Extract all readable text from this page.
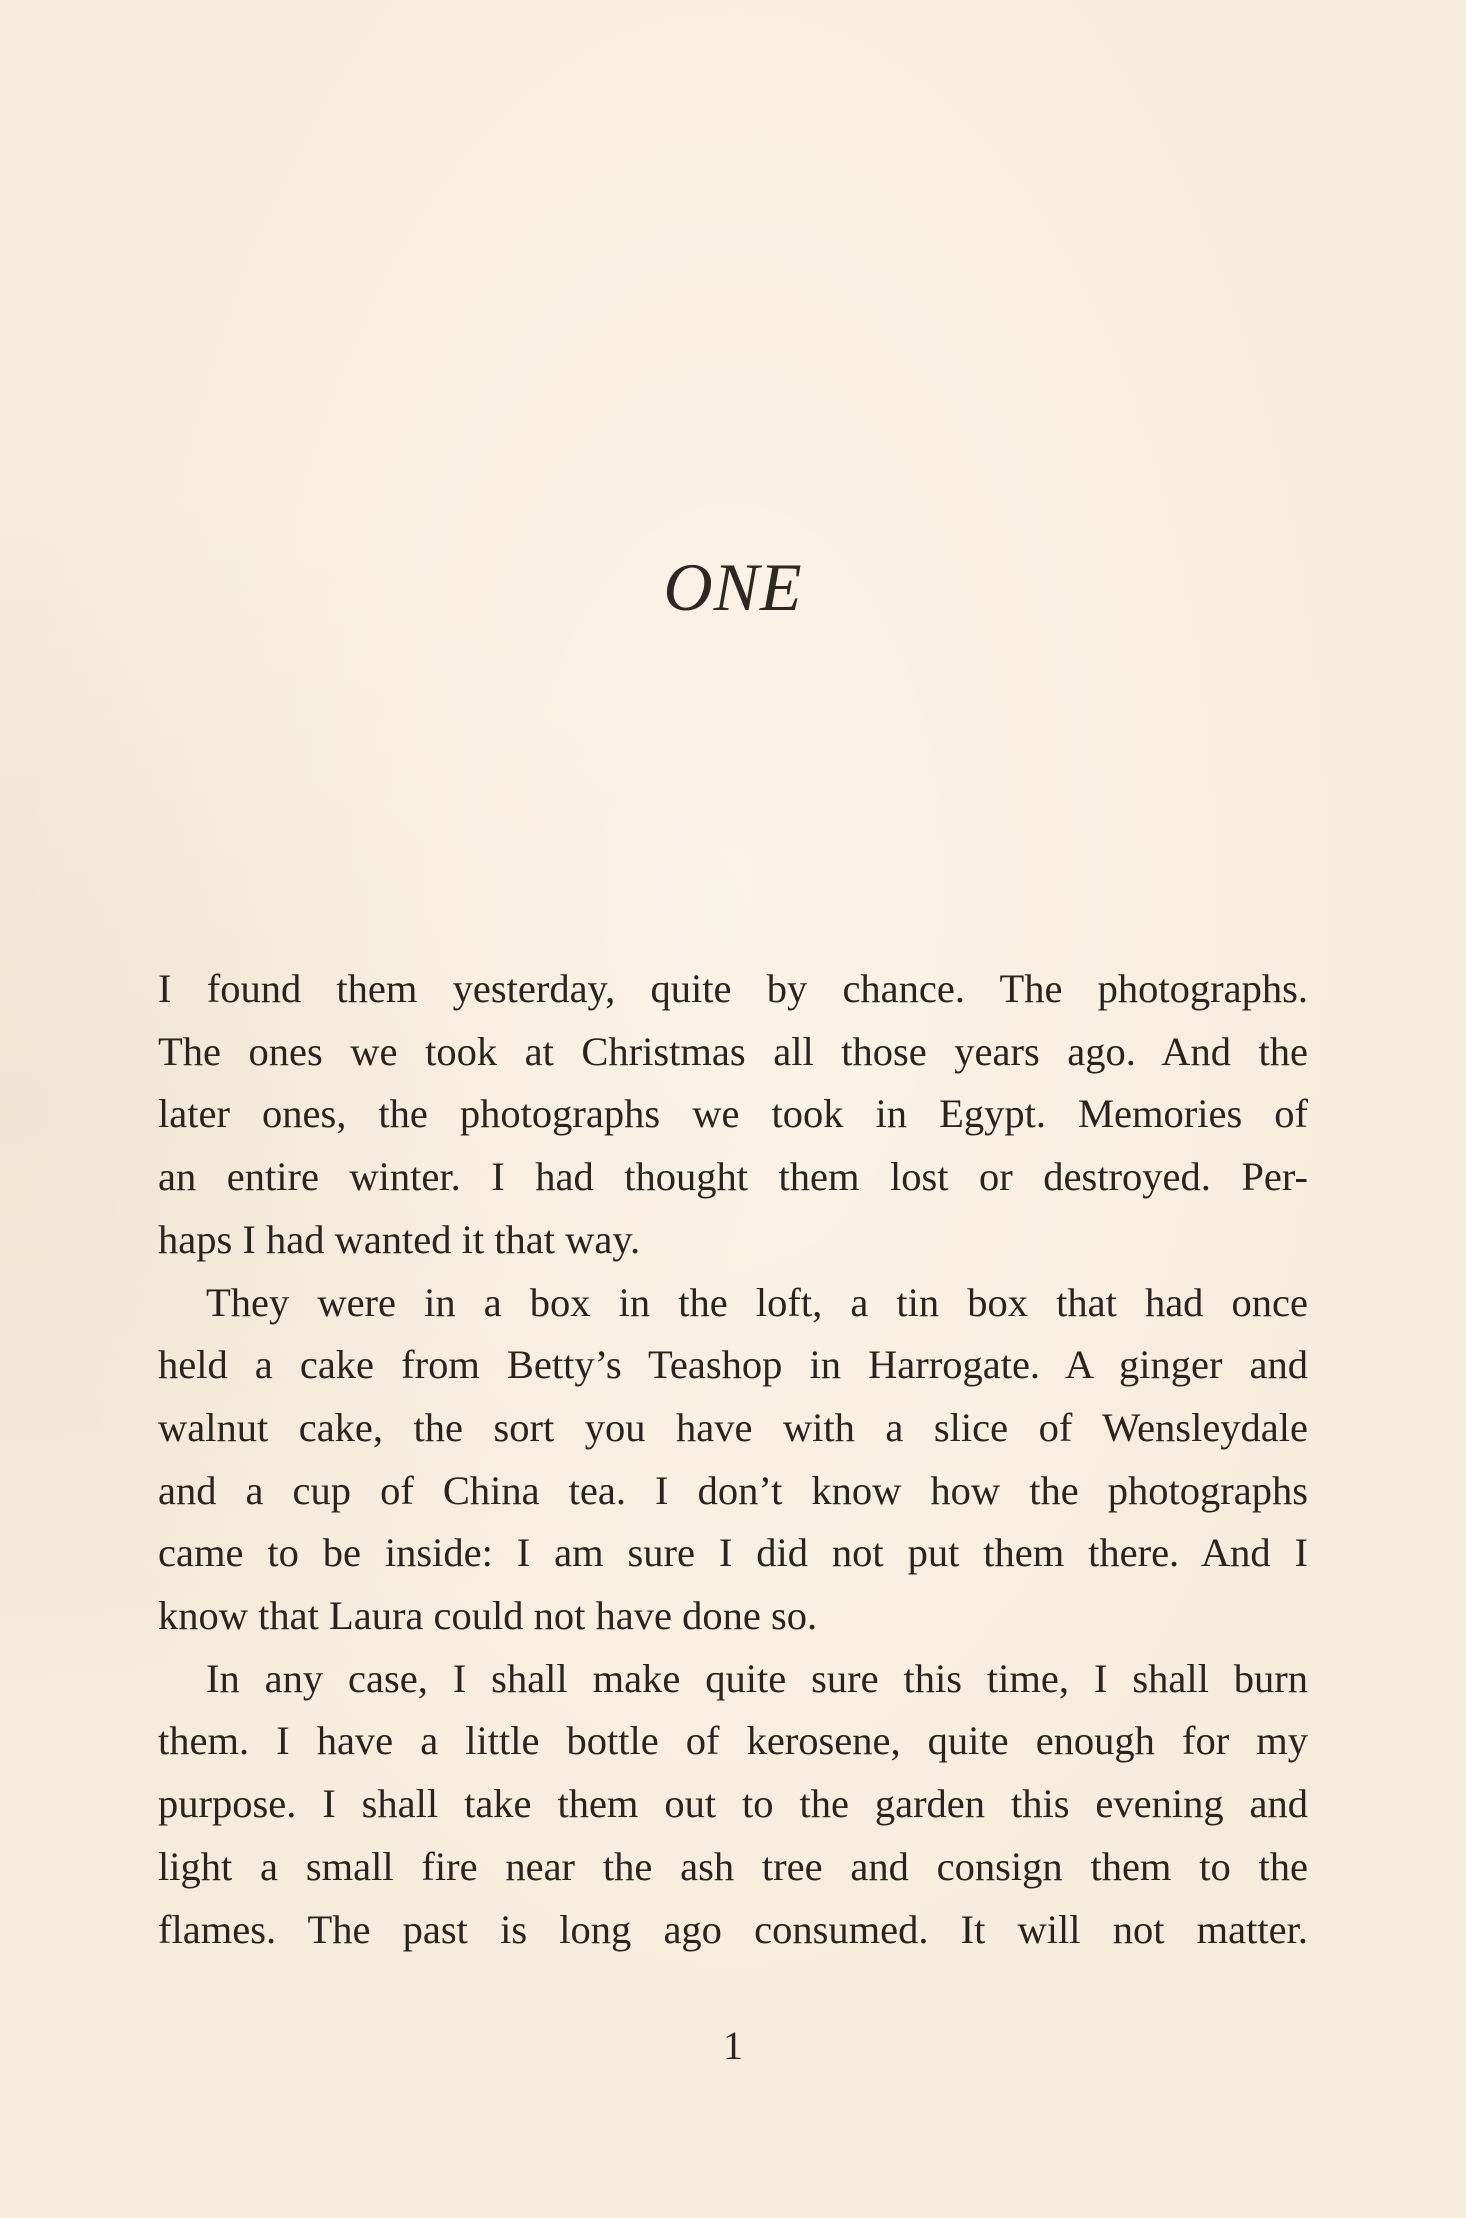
ONE

I found them yesterday, quite by chance. The photographs.
The ones we took at Christmas all those years ago. And the
later ones, the photographs we took in Egypt. Memories of
an entire winter. I had thought them lost or destroyed. Per-
haps I had wanted it that way.

They were in a box in the loft, a tin box that had once
held a cake from Betty’s Teashop in Harrogate. A ginger and
walnut cake, the sort you have with a slice of Wensleydale
and a cup of China tea. I don’t know how the photographs
came to be inside: I am sure I did not put them there. And I
know that Laura could not have done so.

In any case, I shall make quite sure this time, I shall burn
them. I have a little bottle of kerosene, quite enough for my
purpose. I shall take them out to the garden this evening and
light a small fire near the ash tree and consign them to the
flames. The past is long ago consumed. It will not matter.

1
